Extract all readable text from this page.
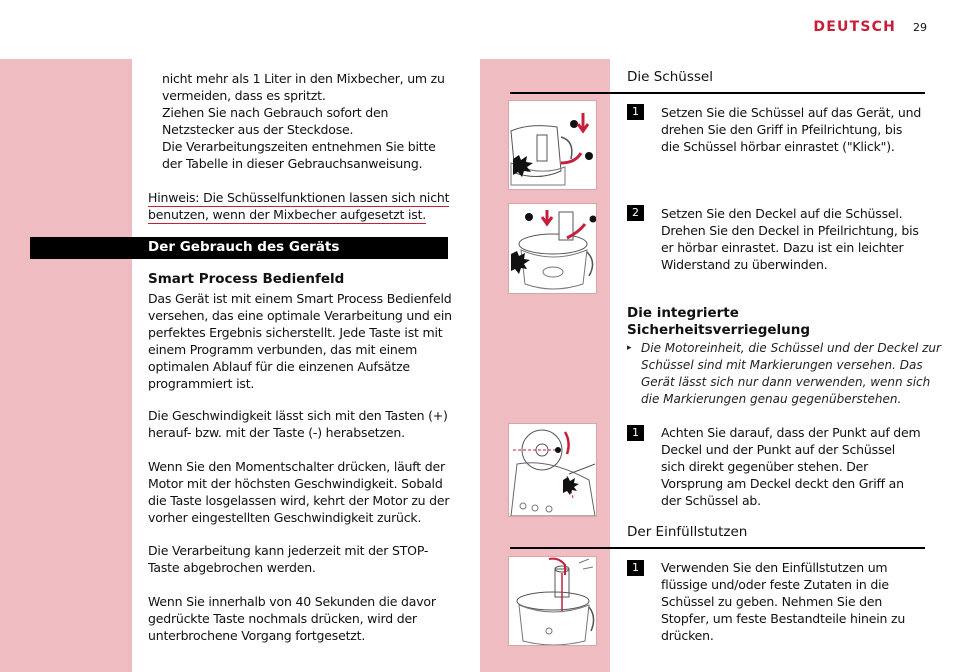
DEUTSCH 29
nicht mehr als 1 Liter in den Mixbecher, um zu
vermeiden, dass es spritzt.
Ziehen Sie nach Gebrauch sofort den
Netzstecker aus der Steckdose.
Die Verarbeitungszeiten entnehmen Sie bitte
der Tabelle in dieser Gebrauchsanweisung.
Hinweis: Die Schüsselfunktionen lassen sich nicht
benutzen, wenn der Mixbecher aufgesetzt ist.
Der Gebrauch des Geräts
Smart Process Bedienfeld
Das Gerät ist mit einem Smart Process Bedienfeld
versehen, das eine optimale Verarbeitung und ein
perfektes Ergebnis sicherstellt. Jede Taste ist mit
einem Programm verbunden, das mit einem
optimalen Ablauf für die einzenen Aufsätze
programmiert ist.
Die Geschwindigkeit lässt sich mit den Tasten (+)
herauf- bzw. mit der Taste (-) herabsetzen.
Wenn Sie den Momentschalter drücken, läuft der
Motor mit der höchsten Geschwindigkeit. Sobald
die Taste losgelassen wird, kehrt der Motor zu der
vorher eingestellten Geschwindigkeit zurück.
Die Verarbeitung kann jederzeit mit der STOP-
Taste abgebrochen werden.
Wenn Sie innerhalb von 40 Sekunden die davor
gedrückte Taste nochmals drücken, wird der
unterbrochene Vorgang fortgesetzt.
Die Schüssel
1	Setzen Sie die Schüssel auf das Gerät, und
drehen Sie den Griff in Pfeilrichtung, bis
die Schüssel hörbar einrastet ("Klick").
2	Setzen Sie den Deckel auf die Schüssel.
Drehen Sie den Deckel in Pfeilrichtung, bis
er hörbar einrastet. Dazu ist ein leichter
Widerstand zu überwinden.
Die integrierte
Sicherheitsverriegelung
▸ Die Motoreinheit, die Schüssel und der Deckel zur
Schüssel sind mit Markierungen versehen. Das
Gerät lässt sich nur dann verwenden, wenn sich
die Markierungen genau gegenüberstehen.
1	Achten Sie darauf, dass der Punkt auf dem
Deckel und der Punkt auf der Schüssel
sich direkt gegenüber stehen. Der
Vorsprung am Deckel deckt den Griff an
der Schüssel ab.
Der Einfüllstutzen
1	Verwenden Sie den Einfüllstutzen um
flüssige und/oder feste Zutaten in die
Schüssel zu geben. Nehmen Sie den
Stopfer, um feste Bestandteile hinein zu
drücken.
